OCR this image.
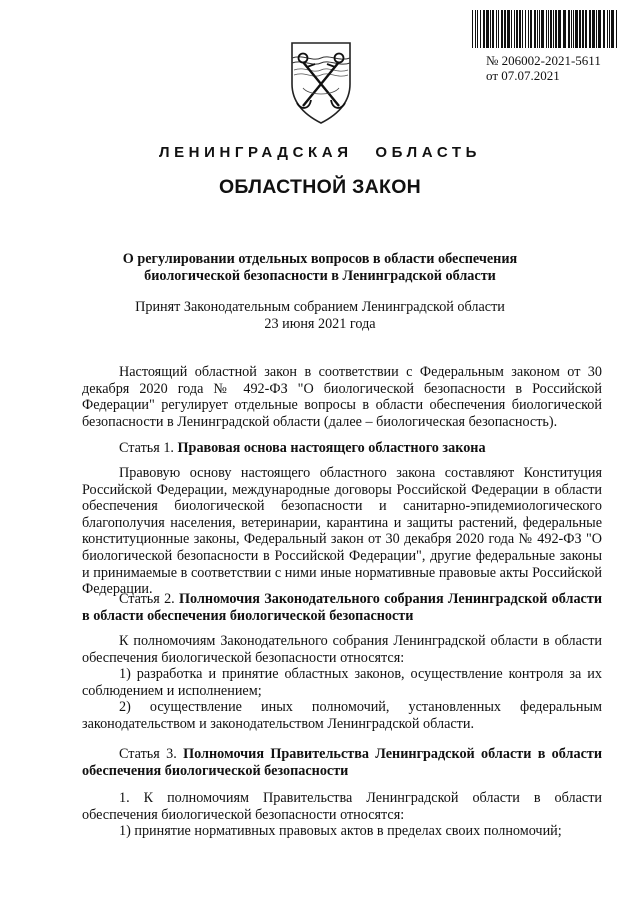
№ 206002-2021-5611
от 07.07.2021
ЛЕНИНГРАДСКАЯ ОБЛАСТЬ
ОБЛАСТНОЙ ЗАКОН
О регулировании отдельных вопросов в области обеспечения
биологической безопасности в Ленинградской области
Принят Законодательным собранием Ленинградской области
23 июня 2021 года

Настоящий областной закон в соответствии с Федеральным законом от 30 декабря 2020 года № 492-ФЗ "О биологической безопасности в Российской Федерации" регулирует отдельные вопросы в области обеспечения биологической безопасности в Ленинградской области (далее – биологическая безопасность).

Статья 1. Правовая основа настоящего областного закона

Правовую основу настоящего областного закона составляют Конституция Российской Федерации, международные договоры Российской Федерации в области обеспечения биологической безопасности и санитарно-эпидемиологического благополучия населения, ветеринарии, карантина и защиты растений, федеральные конституционные законы, Федеральный закон от 30 декабря 2020 года № 492-ФЗ "О биологической безопасности в Российской Федерации", другие федеральные законы и принимаемые в соответствии с ними иные нормативные правовые акты Российской Федерации.

Статья 2. Полномочия Законодательного собрания Ленинградской области в области обеспечения биологической безопасности

К полномочиям Законодательного собрания Ленинградской области в области обеспечения биологической безопасности относятся:

1) разработка и принятие областных законов, осуществление контроля за их соблюдением и исполнением;

2) осуществление иных полномочий, установленных федеральным законодательством и законодательством Ленинградской области.

Статья 3. Полномочия Правительства Ленинградской области в области обеспечения биологической безопасности

1. К полномочиям Правительства Ленинградской области в области обеспечения биологической безопасности относятся:

1) принятие нормативных правовых актов в пределах своих полномочий;
